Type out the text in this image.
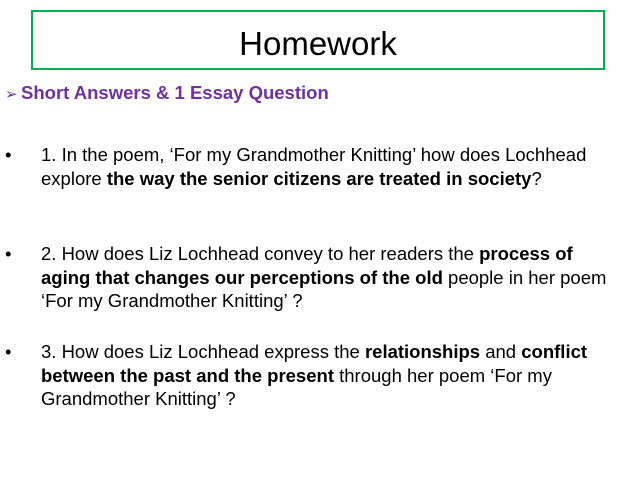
Homework
➢ Short Answers & 1 Essay Question
• 1. In the poem, ‘For my Grandmother Knitting’ how does Lochhead explore the way the senior citizens are treated in society?
• 2. How does Liz Lochhead convey to her readers the process of aging that changes our perceptions of the old people in her poem ‘For my Grandmother Knitting’ ?
• 3. How does Liz Lochhead express the relationships and conflict between the past and the present through her poem ‘For my Grandmother Knitting’ ?
